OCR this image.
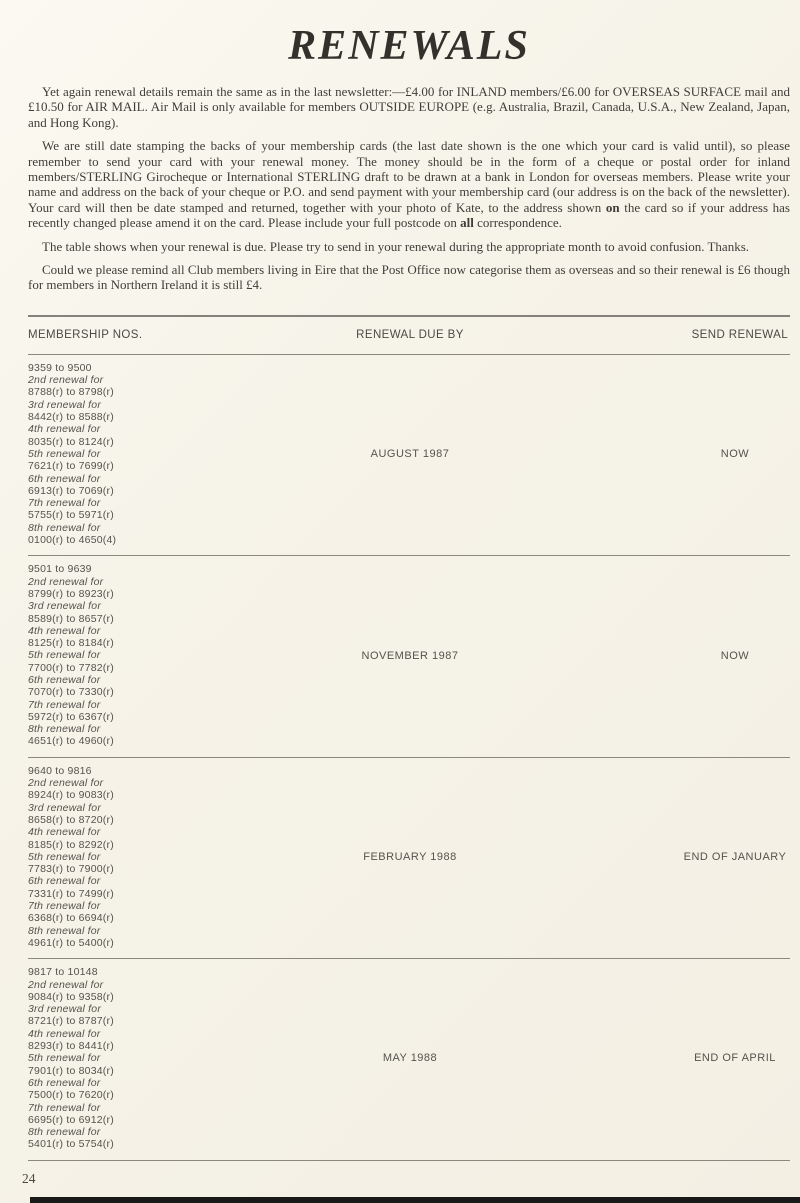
RENEWALS

Yet again renewal details remain the same as in the last newsletter:—£4.00 for INLAND members/£6.00 for OVERSEAS SURFACE mail and £10.50 for AIR MAIL. Air Mail is only available for members OUTSIDE EUROPE (e.g. Australia, Brazil, Canada, U.S.A., New Zealand, Japan, and Hong Kong).

We are still date stamping the backs of your membership cards (the last date shown is the one which your card is valid until), so please remember to send your card with your renewal money. The money should be in the form of a cheque or postal order for inland members/STERLING Girocheque or International STERLING draft to be drawn at a bank in London for overseas members. Please write your name and address on the back of your cheque or P.O. and send payment with your membership card (our address is on the back of the newsletter). Your card will then be date stamped and returned, together with your photo of Kate, to the address shown on the card so if your address has recently changed please amend it on the card. Please include your full postcode on all correspondence.

The table shows when your renewal is due. Please try to send in your renewal during the appropriate month to avoid confusion. Thanks.

Could we please remind all Club members living in Eire that the Post Office now categorise them as overseas and so their renewal is £6 though for members in Northern Ireland it is still £4.

MEMBERSHIP NOS.	RENEWAL DUE BY	SEND RENEWAL
9359 to 9500
2nd renewal for
8788(r) to 8798(r)
3rd renewal for
8442(r) to 8588(r)
4th renewal for
8035(r) to 8124(r)
5th renewal for
7621(r) to 7699(r)
6th renewal for
6913(r) to 7069(r)
7th renewal for
5755(r) to 5971(r)
8th renewal for
0100(r) to 4650(4)
AUGUST 1987	NOW
9501 to 9639
2nd renewal for
8799(r) to 8923(r)
3rd renewal for
8589(r) to 8657(r)
4th renewal for
8125(r) to 8184(r)
5th renewal for
7700(r) to 7782(r)
6th renewal for
7070(r) to 7330(r)
7th renewal for
5972(r) to 6367(r)
8th renewal for
4651(r) to 4960(r)
NOVEMBER 1987	NOW
9640 to 9816
2nd renewal for
8924(r) to 9083(r)
3rd renewal for
8658(r) to 8720(r)
4th renewal for
8185(r) to 8292(r)
5th renewal for
7783(r) to 7900(r)
6th renewal for
7331(r) to 7499(r)
7th renewal for
6368(r) to 6694(r)
8th renewal for
4961(r) to 5400(r)
FEBRUARY 1988	END OF JANUARY
9817 to 10148
2nd renewal for
9084(r) to 9358(r)
3rd renewal for
8721(r) to 8787(r)
4th renewal for
8293(r) to 8441(r)
5th renewal for
7901(r) to 8034(r)
6th renewal for
7500(r) to 7620(r)
7th renewal for
6695(r) to 6912(r)
8th renewal for
5401(r) to 5754(r)
MAY 1988	END OF APRIL
24
